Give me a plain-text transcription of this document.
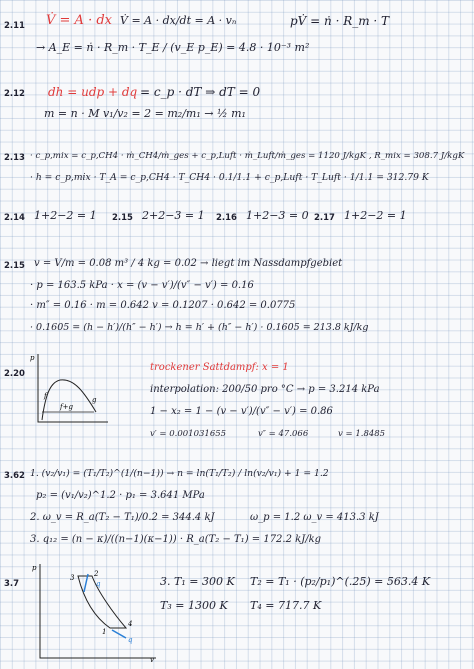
2.11 V̇ = A · dx V̇ = A · dx/dt = A · vₙ	pV̇ = ṅ · R_m · T
→ A_E = ṅ · R_m · T_E / (v_E p_E) = 4.8 · 10⁻³ m²
2.12 dh = udp + dq = c_p · dT ⇒ dT = 0
m = n · M v₁/v₂ = 2 = m₂/m₁ → ½ m₁
2.13 · c_p,mix = c_p,CH4 · ṁ_CH4/ṁ_ges + c_p,Luft · ṁ_Luft/ṁ_ges = 1120 J/kgK , R_mix = 308.7 J/kgK
· h = c_p,mix · T_A = c_p,CH4 · T_CH4 · 0.1/1.1 + c_p,Luft · T_Luft · 1/1.1 = 312.79 K
2.14 1+2−2 = 1 2.15 2+2−3 = 1 2.16 1+2−3 = 0 2.17 1+2−2 = 1
2.15 v = V/m = 0.08 m³ / 4 kg = 0.02 → liegt im Nassdampfgebiet
· p = 163.5 kPa · x = (v − v′)/(v″ − v′) = 0.16
· m″ = 0.16 · m = 0.642 v = 0.1207 · 0.642 = 0.0775
· 0.1605 = (h − h′)/(h″ − h′) → h = h′ + (h″ − h′) · 0.1605 = 213.8 kJ/kg
2.20
p
f
f+g
g
trockener Sattdampf: x = 1
interpolation: 200/50 pro °C → p = 3.214 kPa
1 − x₂ = 1 − (v − v′)/(v″ − v′) = 0.86
v′ = 0.001031655	v″ = 47.066	v = 1.8485
3.62 1. (v₂/v₁) = (T₁/T₂)^(1/(n−1)) → n = ln(T₁/T₂) / ln(v₂/v₁) + 1 = 1.2
p₂ = (v₁/v₂)^1.2 · p₁ = 3.641 MPa
2. ω_v = R_a(T₂ − T₁)/0.2 = 344.4 kJ	ω_p = 1.2 ω_v = 413.3 kJ
3. q₁₂ = (n − κ)/((n−1)(κ−1)) · R_a(T₂ − T₁) = 172.2 kJ/kg
3.7
p
v
3	2
q
1
4
q
3. T₁ = 300 K T₂ = T₁ · (p₂/p₁)^(.25) = 563.4 K
T₃ = 1300 K T₄ = 717.7 K
